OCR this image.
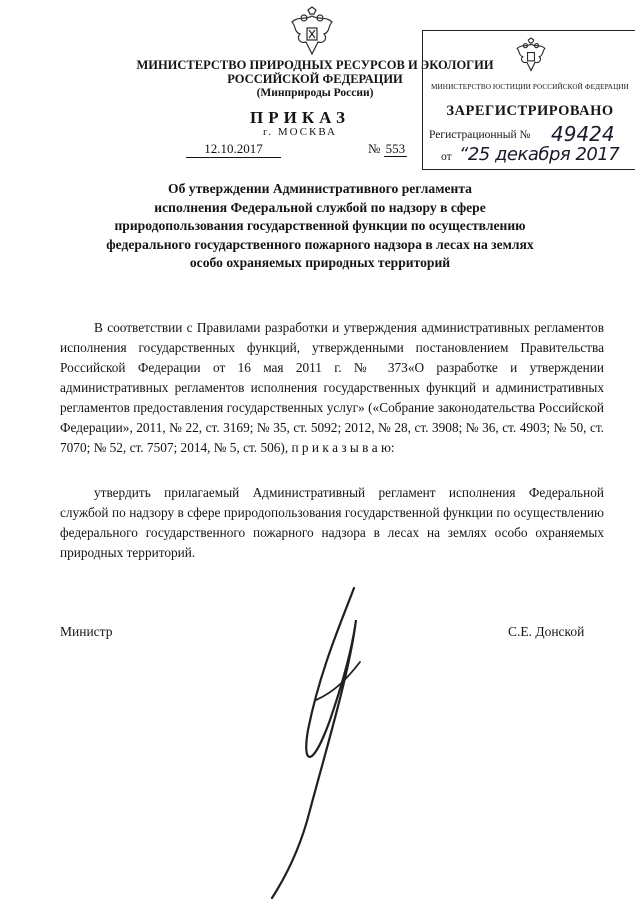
МИНИСТЕРСТВО ПРИРОДНЫХ РЕСУРСОВ И ЭКОЛОГИИ
РОССИЙСКОЙ ФЕДЕРАЦИИ
(Минприроды России)
ПРИКАЗ
г. МОСКВА
12.10.2017	№ 553
МИНИСТЕРСТВО ЮСТИЦИИ РОССИЙСКОЙ ФЕДЕРАЦИИ
ЗАРЕГИСТРИРОВАНО
Регистрационный № 49424
от “25 декабря 2017
Об утверждении Административного регламента
исполнения Федеральной службой по надзору в сфере
природопользования государственной функции по осуществлению
федерального государственного пожарного надзора в лесах на землях
особо охраняемых природных территорий
В соответствии с Правилами разработки и утверждения административных регламентов исполнения государственных функций, утвержденными постановлением Правительства Российской Федерации от 16 мая 2011 г. № 373«О разработке и утверждении административных регламентов исполнения государственных функций и административных регламентов предоставления государственных услуг» («Собрание законодательства Российской Федерации», 2011, № 22, ст. 3169; № 35, ст. 5092; 2012, № 28, ст. 3908; № 36, ст. 4903; № 50, ст. 7070; № 52, ст. 7507; 2014, № 5, ст. 506), п р и к а з ы в а ю:
утвердить прилагаемый Административный регламент исполнения Федеральной службой по надзору в сфере природопользования государственной функции по осуществлению федерального государственного пожарного надзора в лесах на землях особо охраняемых природных территорий.
Министр	С.Е. Донской
